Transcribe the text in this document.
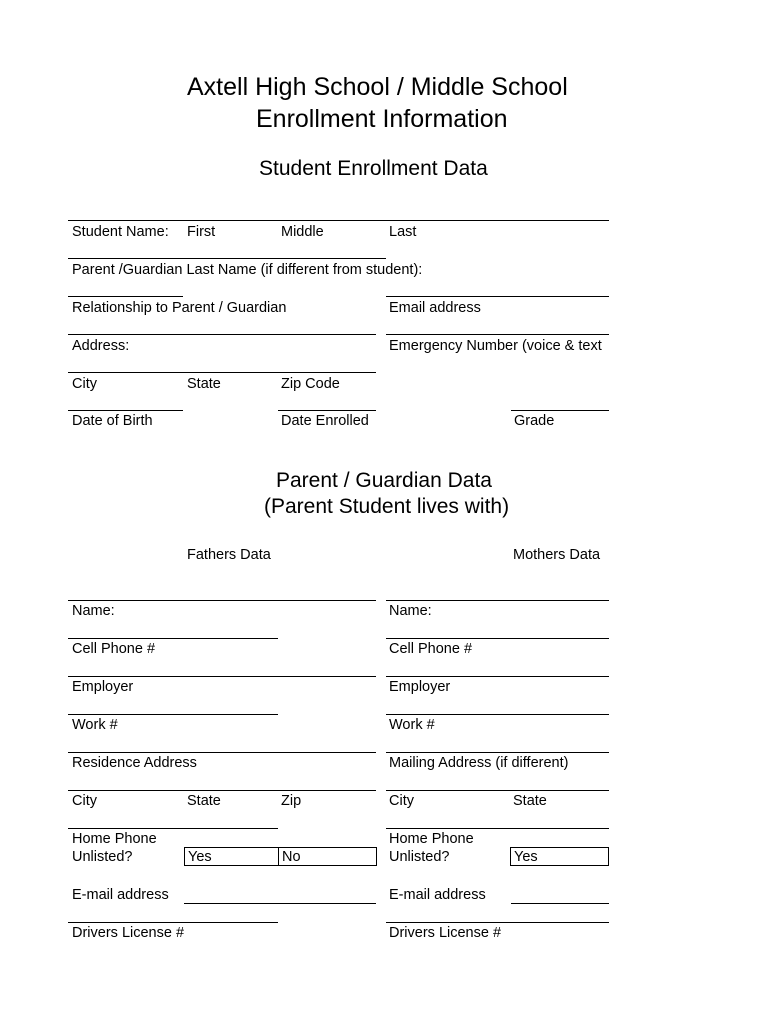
Axtell High School / Middle School
Enrollment Information
Student Enrollment Data
Student Name: First	Middle	Last
Parent /Guardian Last Name (if different from student):
Relationship to Parent / Guardian	Email address
Address:	Emergency Number (voice & text
City	State	Zip Code
Date of Birth	Date Enrolled	Grade
Parent / Guardian Data
(Parent Student lives with)
Fathers Data	Mothers Data
Name:	Name:
Cell Phone #	Cell Phone #
Employer	Employer
Work #	Work #
Residence Address	Mailing Address (if different)
City	State	Zip	City	State
Home Phone	Home Phone
Unlisted?	Yes	No	Unlisted?	Yes
E-mail address	E-mail address
Drivers License #	Drivers License #
